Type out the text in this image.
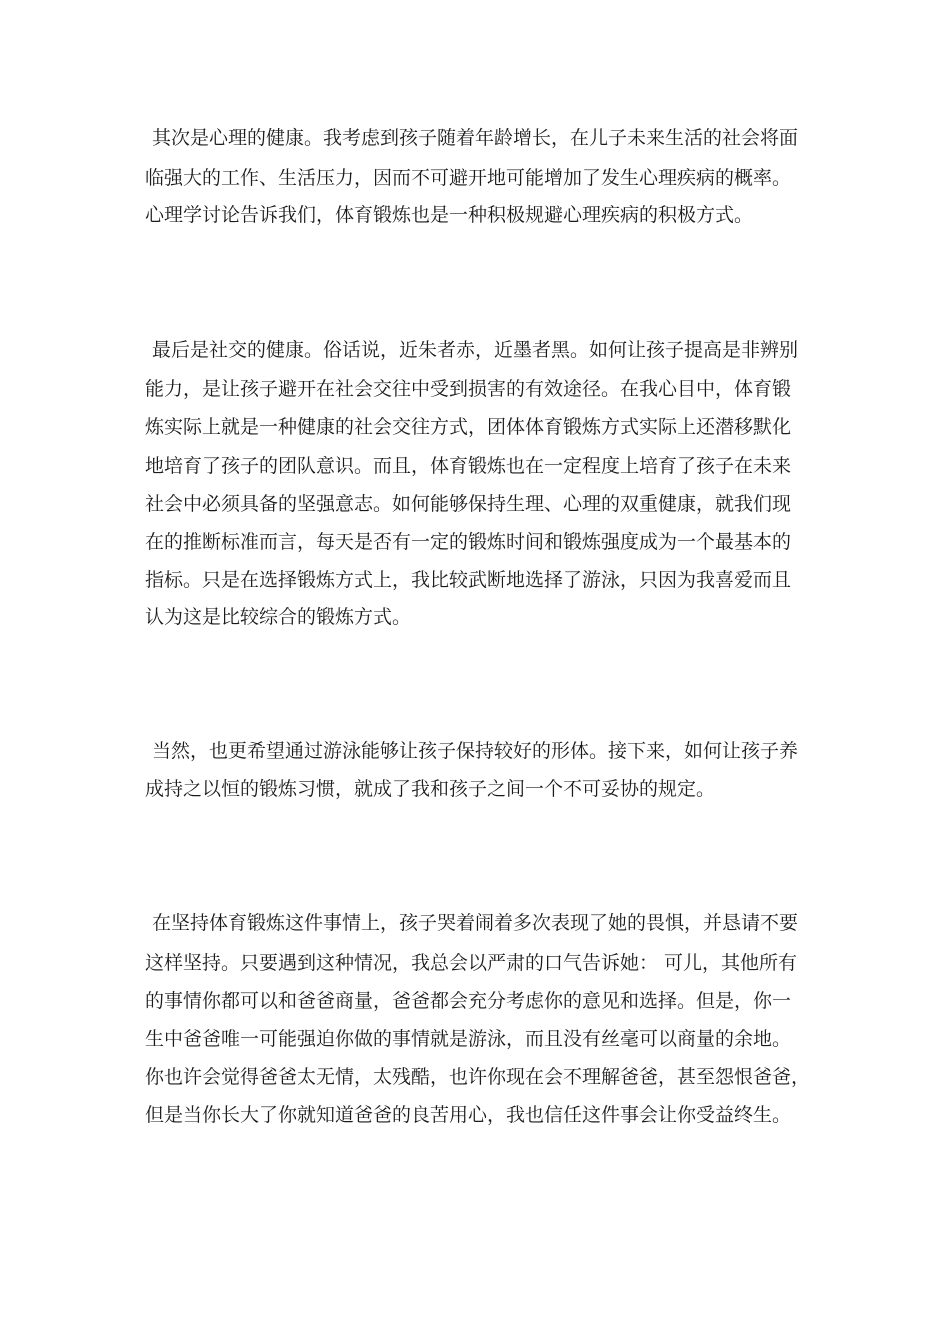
其次是心理的健康。我考虑到孩子随着年龄增长，在儿子未来生活的社会将面

临强大的工作、生活压力，因而不可避开地可能增加了发生心理疾病的概率。

心理学讨论告诉我们，体育锻炼也是一种积极规避心理疾病的积极方式。

最后是社交的健康。俗话说，近朱者赤，近墨者黑。如何让孩子提高是非辨别

能力，是让孩子避开在社会交往中受到损害的有效途径。在我心目中，体育锻

炼实际上就是一种健康的社会交往方式，团体体育锻炼方式实际上还潜移默化

地培育了孩子的团队意识。而且，体育锻炼也在一定程度上培育了孩子在未来

社会中必须具备的坚强意志。如何能够保持生理、心理的双重健康，就我们现

在的推断标准而言，每天是否有一定的锻炼时间和锻炼强度成为一个最基本的

指标。只是在选择锻炼方式上，我比较武断地选择了游泳，只因为我喜爱而且

认为这是比较综合的锻炼方式。

当然，也更希望通过游泳能够让孩子保持较好的形体。接下来，如何让孩子养

成持之以恒的锻炼习惯，就成了我和孩子之间一个不可妥协的规定。

在坚持体育锻炼这件事情上，孩子哭着闹着多次表现了她的畏惧，并恳请不要

这样坚持。只要遇到这种情况，我总会以严肃的口气告诉她： 可儿，其他所有

的事情你都可以和爸爸商量，爸爸都会充分考虑你的意见和选择。但是，你一

生中爸爸唯一可能强迫你做的事情就是游泳，而且没有丝毫可以商量的余地。

你也许会觉得爸爸太无情，太残酷，也许你现在会不理解爸爸，甚至怨恨爸爸，

但是当你长大了你就知道爸爸的良苦用心，我也信任这件事会让你受益终生。
